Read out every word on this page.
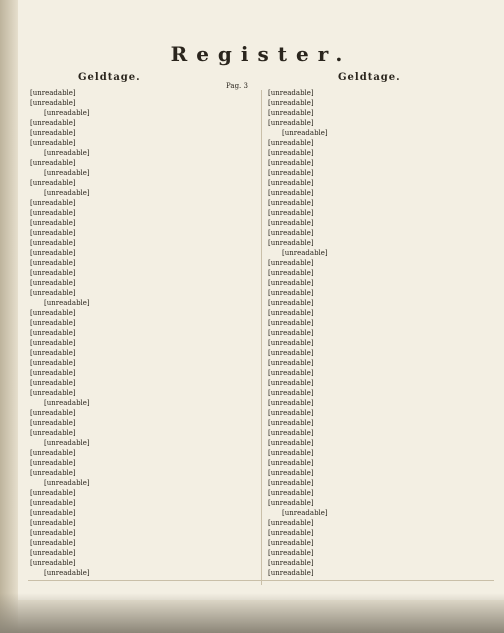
Register.
Geldtage.
Pag. 3
Geldtage.
[unreadable]
[unreadable]
[unreadable]
[unreadable]
[unreadable]
[unreadable]
[unreadable]
[unreadable]
[unreadable]
[unreadable]
[unreadable]
[unreadable]
[unreadable]
[unreadable]
[unreadable]
[unreadable]
[unreadable]
[unreadable]
[unreadable]
[unreadable]
[unreadable]
[unreadable]
[unreadable]
[unreadable]
[unreadable]
[unreadable]
[unreadable]
[unreadable]
[unreadable]
[unreadable]
[unreadable]
[unreadable]
[unreadable]
[unreadable]
[unreadable]
[unreadable]
[unreadable]
[unreadable]
[unreadable]
[unreadable]
[unreadable]
[unreadable]
[unreadable]
[unreadable]
[unreadable]
[unreadable]
[unreadable]
[unreadable]
[unreadable]
[unreadable]
[unreadable]
[unreadable]
[unreadable]
[unreadable]
[unreadable]
[unreadable]
[unreadable]
[unreadable]
[unreadable]
[unreadable]
[unreadable]
[unreadable]
[unreadable]
[unreadable]
[unreadable]
[unreadable]
[unreadable]
[unreadable]
[unreadable]
[unreadable]
[unreadable]
[unreadable]
[unreadable]
[unreadable]
[unreadable]
[unreadable]
[unreadable]
[unreadable]
[unreadable]
[unreadable]
[unreadable]
[unreadable]
[unreadable]
[unreadable]
[unreadable]
[unreadable]
[unreadable]
[unreadable]
[unreadable]
[unreadable]
[unreadable]
[unreadable]
[unreadable]
[unreadable]
[unreadable]
[unreadable]
[unreadable]
[unreadable]
